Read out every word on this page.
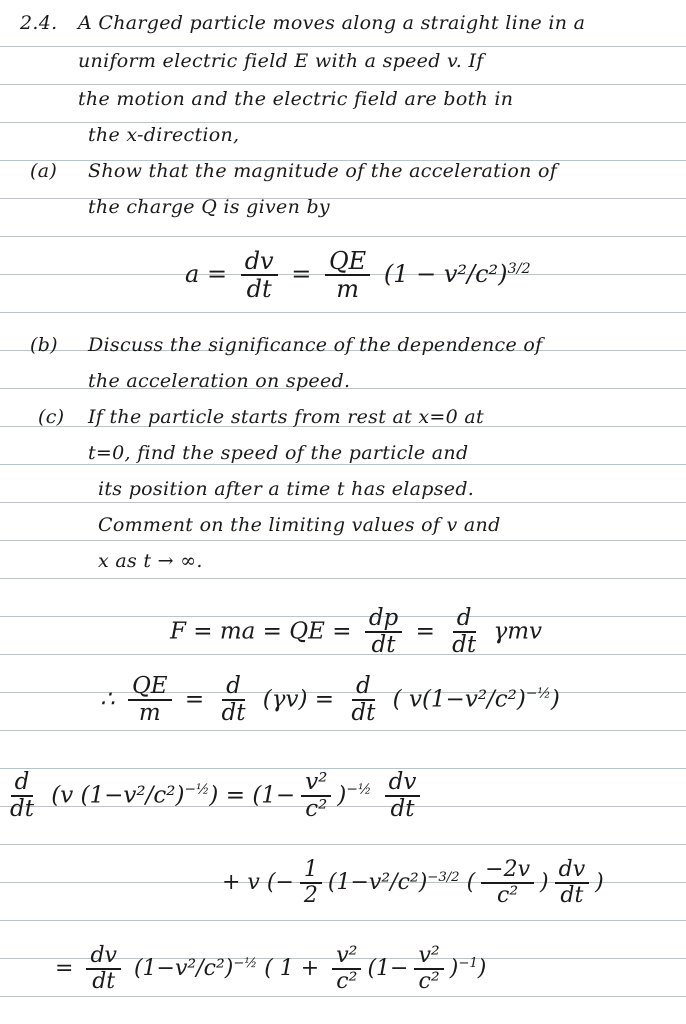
2.4. A Charged particle moves along a straight line in a
uniform electric field E with a speed v. If
the motion and the electric field are both in
the x-direction,
(a) Show that the magnitude of the acceleration of
the charge Q is given by
$a = \frac{dv}{dt} = \frac{QE}{m} (1 - v^2/c^2)^{3/2}$
(b) Discuss the significance of the dependence of
the acceleration on speed.
(c) If the particle starts from rest at x=0 at
t=0, find the speed of the particle and
its position after a time t has elapsed.
Comment on the limiting values of v and
x as t → ∞.
F = ma = QE = $\frac{dp}{dt} = \frac{d}{dt}$ γmv
∴ $\frac{QE}{m} = \frac{d}{dt} (\gamma v) = \frac{d}{dt}$ ( $v(1-v^2/c^2)^{-\frac{1}{2}}$)
$\frac{d}{dt} (v$ $(1-v^2/c^2)^{-\frac{1}{2}}) = (1- \frac{\text{v²}}{\text{c²}} )^{-\frac{1}{2}} \frac{dv}{dt}$
+ v (− $\frac{1}{2} (1-v^2/c^2)^{-3/2}$ ( $\frac{-2v}{\text{c²}}$ ) $\frac{dv}{dt}$ )
= $\frac{dv}{dt} (1-v^2/c^2)^{-\frac{1}{2}}$ ( $1 + \frac{\text{v²}}{\text{c²}} (1- \frac{\text{v²}}{\text{c²}} )^{-1}$)
